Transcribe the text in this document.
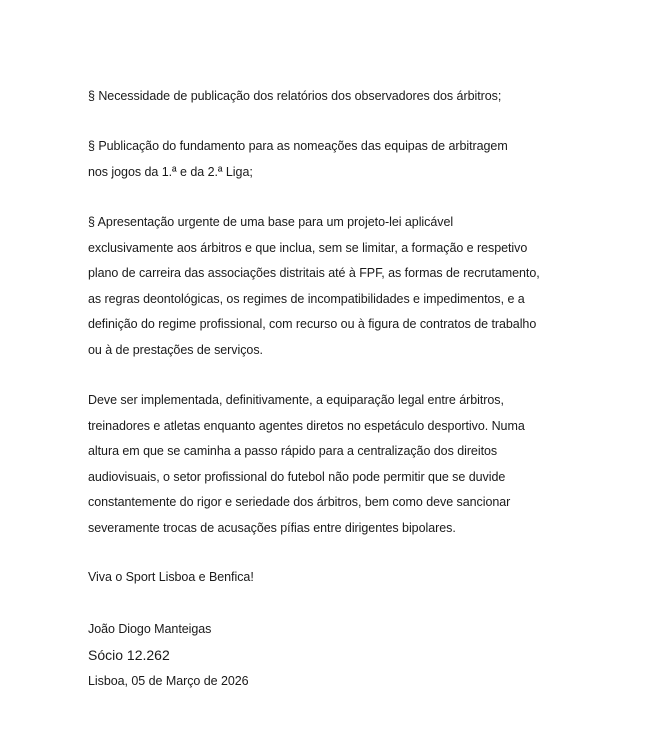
§ Necessidade de publicação dos relatórios dos observadores dos árbitros;
§ Publicação do fundamento para as nomeações das equipas de arbitragem
nos jogos da 1.ª e da 2.ª Liga;
§ Apresentação urgente de uma base para um projeto-lei aplicável
exclusivamente aos árbitros e que inclua, sem se limitar, a formação e respetivo
plano de carreira das associações distritais até à FPF, as formas de recrutamento,
as regras deontológicas, os regimes de incompatibilidades e impedimentos, e a
definição do regime profissional, com recurso ou à figura de contratos de trabalho
ou à de prestações de serviços.
Deve ser implementada, definitivamente, a equiparação legal entre árbitros,
treinadores e atletas enquanto agentes diretos no espetáculo desportivo. Numa
altura em que se caminha a passo rápido para a centralização dos direitos
audiovisuais, o setor profissional do futebol não pode permitir que se duvide
constantemente do rigor e seriedade dos árbitros, bem como deve sancionar
severamente trocas de acusações pífias entre dirigentes bipolares.
Viva o Sport Lisboa e Benfica!
João Diogo Manteigas
Sócio 12.262
Lisboa, 05 de Março de 2026
